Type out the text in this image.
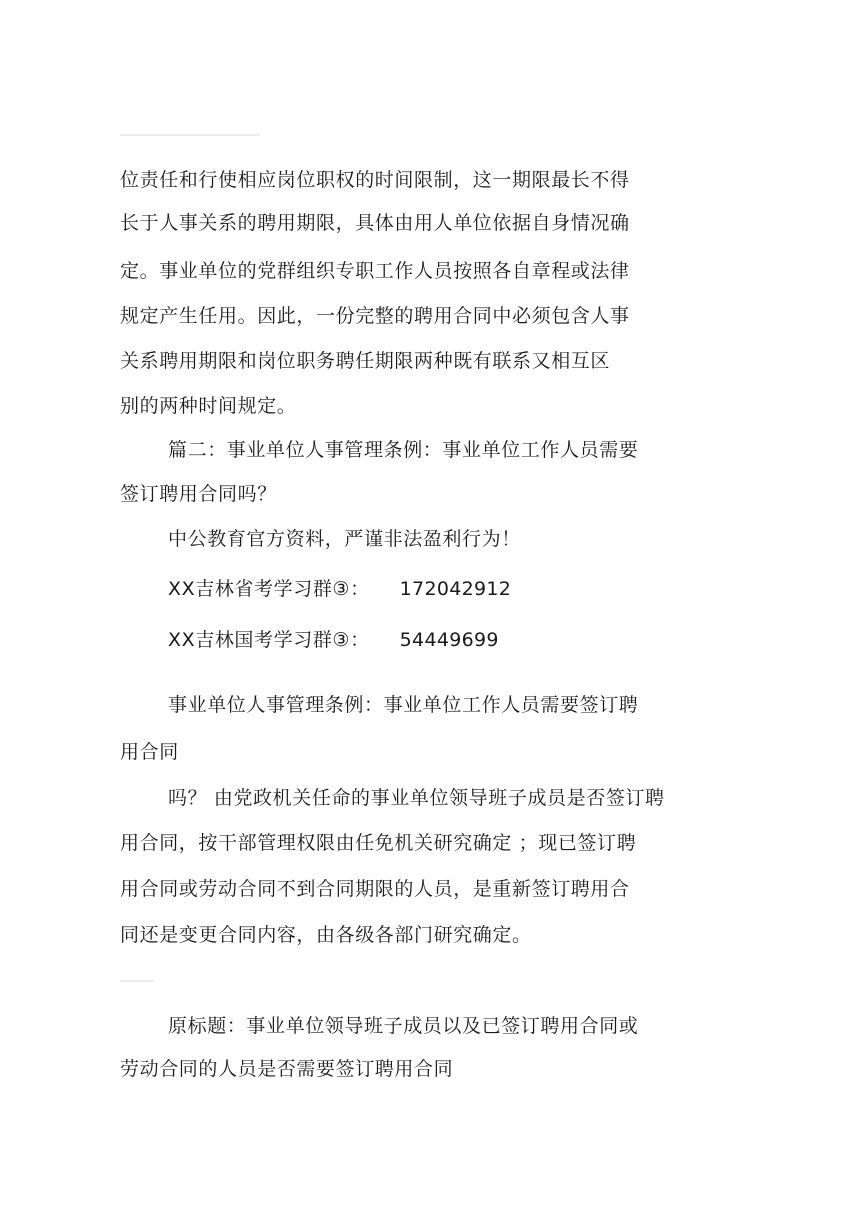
位责任和行使相应岗位职权的时间限制，这一期限最长不得
长于人事关系的聘用期限，具体由用人单位依据自身情况确
定。事业单位的党群组织专职工作人员按照各自章程或法律
规定产生任用。因此，一份完整的聘用合同中必须包含人事
关系聘用期限和岗位职务聘任期限两种既有联系又相互区
别的两种时间规定。
篇二：事业单位人事管理条例：事业单位工作人员需要
签订聘用合同吗？
中公教育官方资料，严谨非法盈利行为！
XX吉林省考学习群③： 172042912
XX吉林国考学习群③： 54449699
事业单位人事管理条例：事业单位工作人员需要签订聘
用合同
吗？ 由党政机关任命的事业单位领导班子成员是否签订聘
用合同，按干部管理权限由任免机关研究确定 ；现已签订聘
用合同或劳动合同不到合同期限的人员，是重新签订聘用合
同还是变更合同内容，由各级各部门研究确定。
原标题：事业单位领导班子成员以及已签订聘用合同或
劳动合同的人员是否需要签订聘用合同
